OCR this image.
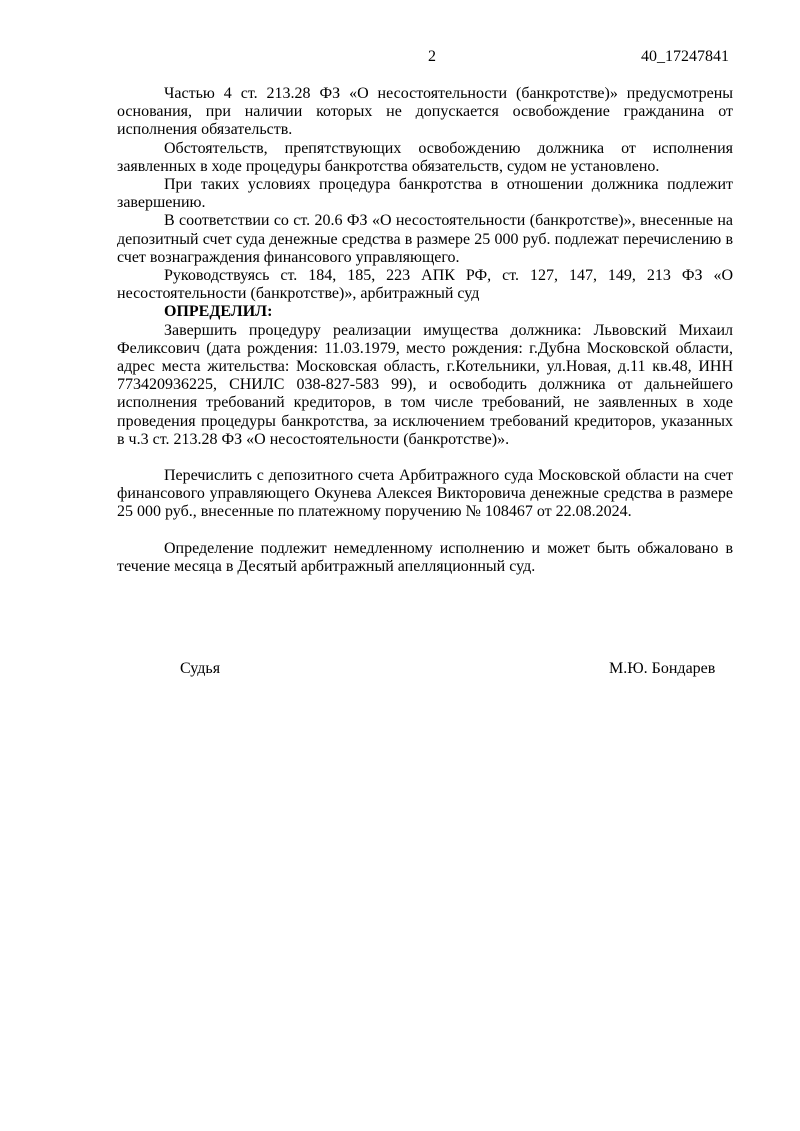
2	40_17247841

Частью 4 ст. 213.28 ФЗ «О несостоятельности (банкротстве)» предусмотрены основания, при наличии которых не допускается освобождение гражданина от исполнения обязательств.

Обстоятельств, препятствующих освобождению должника от исполнения заявленных в ходе процедуры банкротства обязательств, судом не установлено.

При таких условиях процедура банкротства в отношении должника подлежит завершению.

В соответствии со ст. 20.6 ФЗ «О несостоятельности (банкротстве)», внесенные на депозитный счет суда денежные средства в размере 25 000 руб. подлежат перечислению в счет вознаграждения финансового управляющего.

Руководствуясь ст. 184, 185, 223 АПК РФ, ст. 127, 147, 149, 213 ФЗ «О несостоятельности (банкротстве)», арбитражный суд

ОПРЕДЕЛИЛ:

Завершить процедуру реализации имущества должника: Львовский Михаил Феликсович (дата рождения: 11.03.1979, место рождения: г.Дубна Московской области, адрес места жительства: Московская область, г.Котельники, ул.Новая, д.11 кв.48, ИНН 773420936225, СНИЛС 038-827-583 99), и освободить должника от дальнейшего исполнения требований кредиторов, в том числе требований, не заявленных в ходе проведения процедуры банкротства, за исключением требований кредиторов, указанных в ч.3 ст. 213.28 ФЗ «О несостоятельности (банкротстве)».

Перечислить с депозитного счета Арбитражного суда Московской области на счет финансового управляющего Окунева Алексея Викторовича денежные средства в размере 25 000 руб., внесенные по платежному поручению № 108467 от 22.08.2024.

Определение подлежит немедленному исполнению и может быть обжаловано в течение месяца в Десятый арбитражный апелляционный суд.

Судья	М.Ю. Бондарев
